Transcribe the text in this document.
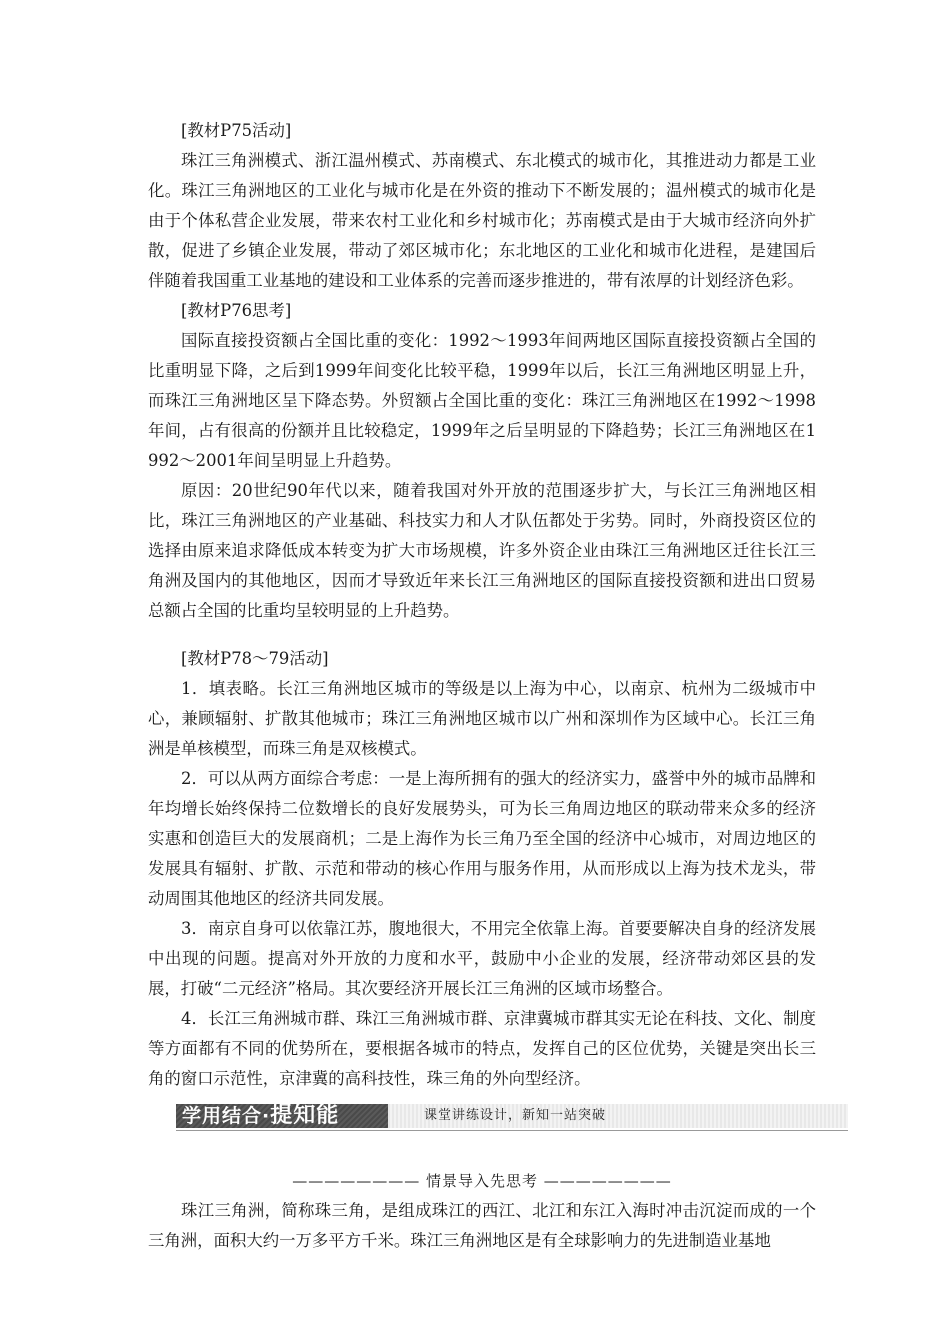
[教材P75活动]

珠江三角洲模式、浙江温州模式、苏南模式、东北模式的城市化，其推进动力都是工业化。珠江三角洲地区的工业化与城市化是在外资的推动下不断发展的；温州模式的城市化是由于个体私营企业发展，带来农村工业化和乡村城市化；苏南模式是由于大城市经济向外扩散，促进了乡镇企业发展，带动了郊区城市化；东北地区的工业化和城市化进程，是建国后伴随着我国重工业基地的建设和工业体系的完善而逐步推进的，带有浓厚的计划经济色彩。

[教材P76思考]

国际直接投资额占全国比重的变化：1992～1993年间两地区国际直接投资额占全国的比重明显下降，之后到1999年间变化比较平稳，1999年以后，长江三角洲地区明显上升，而珠江三角洲地区呈下降态势。外贸额占全国比重的变化：珠江三角洲地区在1992～1998年间，占有很高的份额并且比较稳定，1999年之后呈明显的下降趋势；长江三角洲地区在1992～2001年间呈明显上升趋势。

原因：20世纪90年代以来，随着我国对外开放的范围逐步扩大，与长江三角洲地区相比，珠江三角洲地区的产业基础、科技实力和人才队伍都处于劣势。同时，外商投资区位的选择由原来追求降低成本转变为扩大市场规模，许多外资企业由珠江三角洲地区迁往长江三角洲及国内的其他地区，因而才导致近年来长江三角洲地区的国际直接投资额和进出口贸易总额占全国的比重均呈较明显的上升趋势。

[教材P78～79活动]

1．填表略。长江三角洲地区城市的等级是以上海为中心，以南京、杭州为二级城市中心，兼顾辐射、扩散其他城市；珠江三角洲地区城市以广州和深圳作为区域中心。长江三角洲是单核模型，而珠三角是双核模式。

2．可以从两方面综合考虑：一是上海所拥有的强大的经济实力，盛誉中外的城市品牌和年均增长始终保持二位数增长的良好发展势头，可为长三角周边地区的联动带来众多的经济实惠和创造巨大的发展商机；二是上海作为长三角乃至全国的经济中心城市，对周边地区的发展具有辐射、扩散、示范和带动的核心作用与服务作用，从而形成以上海为技术龙头，带动周围其他地区的经济共同发展。

3．南京自身可以依靠江苏，腹地很大，不用完全依靠上海。首要要解决自身的经济发展中出现的问题。提高对外开放的力度和水平，鼓励中小企业的发展，经济带动郊区县的发展，打破“二元经济”格局。其次要经济开展长江三角洲的区域市场整合。

4．长江三角洲城市群、珠江三角洲城市群、京津冀城市群其实无论在科技、文化、制度等方面都有不同的优势所在，要根据各城市的特点，发挥自己的区位优势，关键是突出长三角的窗口示范性，京津冀的高科技性，珠三角的外向型经济。

学用结合·提知能	课堂讲练设计，新知一站突破
———————— 情景导入先思考 ————————

珠江三角洲，简称珠三角，是组成珠江的西江、北江和东江入海时冲击沉淀而成的一个三角洲，面积大约一万多平方千米。珠江三角洲地区是有全球影响力的先进制造业基地
